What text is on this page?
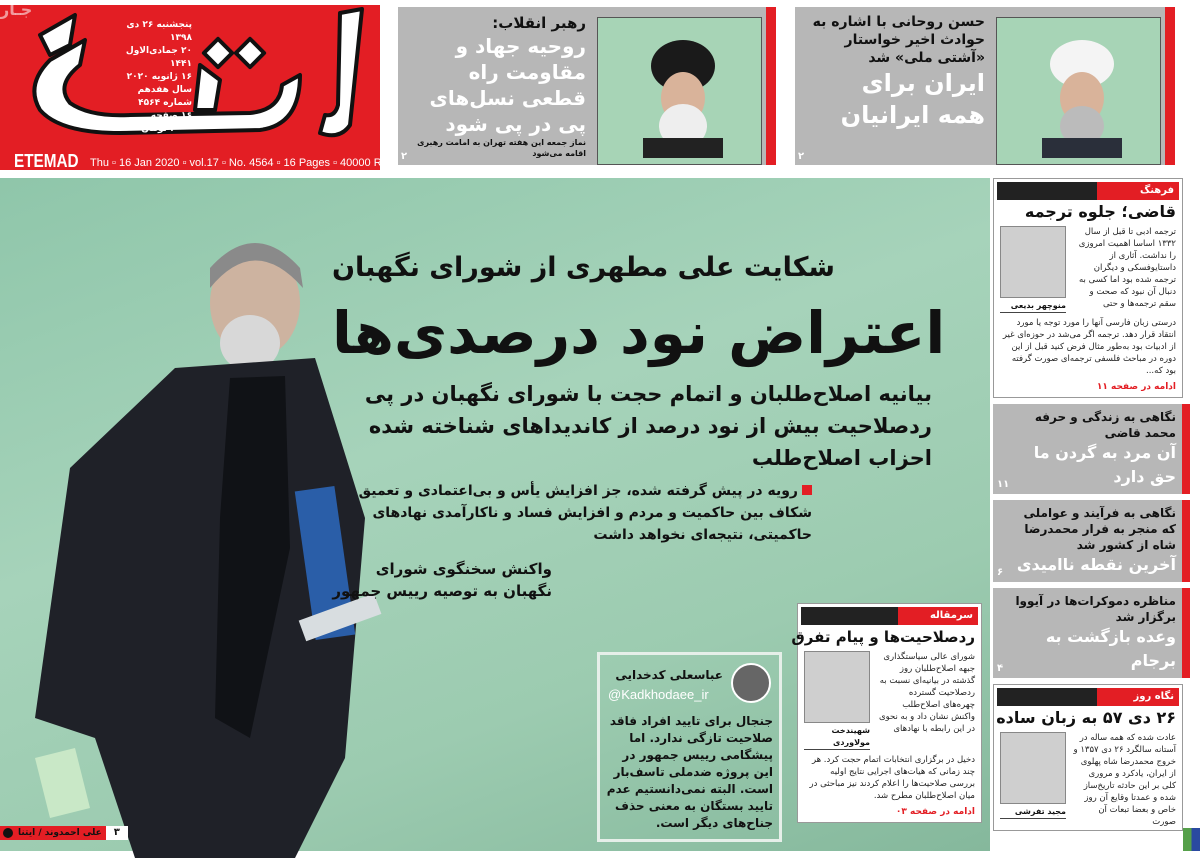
پنجشنبه ۲۶ دی ۱۳۹۸
۲۰ جمادی‌الاول ۱۴۴۱
۱۶ ژانویه ۲۰۲۰
سال هفدهم
شماره ۴۵۶۴
۱۶ صفحه
۴۰۰۰ تومان
ETEMAD Thu ▫ 16 Jan 2020 ▫ vol.17 ▫ No. 4564 ▫ 16 Pages ▫ 40000 Rials
جـار
رهبر انقلاب:
روحیه جهاد و مقاومت راه قطعی نسل‌های پی در پی شود
نماز جمعه این هفته تهران به امامت رهبری اقامه می‌شود
۲
حسن روحانی با اشاره به حوادث اخیر خواستار «آشتی ملی» شد
ایران برای همه ایرانیان
۲
شکایت علی مطهری از شورای نگهبان
اعتراض نود درصدی‌ها
بیانیه اصلاح‌طلبان و اتمام حجت با شورای نگهبان در پی ردصلاحیت بیش از نود درصد از کاندیداهای شناخته شده احزاب اصلاح‌طلب
رویه در پیش گرفته شده، جز افزایش یأس و بی‌اعتمادی و تعمیق شکاف بین حاکمیت و مردم و افزایش فساد و ناکارآمدی نهادهای حاکمیتی، نتیجه‌ای نخواهد داشت
واکنش سخنگوی شورای نگهبان به توصیه رییس جمهور
عباسعلی کدخدایی
@Kadkhodaee_ir
جنجال برای تایید افراد فاقد صلاحیت تازگی ندارد. اما پیشگامی رییس جمهور در این پروژه ضدملی تاسف‌بار است. البته نمی‌دانستیم عدم تایید بستگان به معنی حذف جناح‌های دیگر است.
سرمقاله
ردصلاحیت‌ها و پیام تفرق
شورای عالی سیاستگذاری جبهه اصلاح‌طلبان روز گذشته در بیانیه‌ای نسبت به ردصلاحیت گسترده چهره‌های اصلاح‌طلب واکنش نشان داد و به نحوی در این رابطه با نهادهای
شهیندخت مولاوردی
دخیل در برگزاری انتخابات اتمام حجت کرد. هر چند زمانی که هیات‌های اجرایی نتایج اولیه بررسی صلاحیت‌ها را اعلام کردند نیز مباحثی در میان اصلاح‌طلبان مطرح شد.
ادامه در صفحه ۰۳
علی احمدوند / ایتنا	۳
فرهنگ
قاضی؛ جلوه ترجمه
ترجمه ادبی تا قبل از سال ۱۳۳۲ اساسا اهمیت امروزی را نداشت. آثاری از داستایوفسکی و دیگران ترجمه شده بود اما کسی به دنبال آن نبود که صحت و سقم ترجمه‌ها و حتی
منوچهر بدیعی
درستی زبان فارسی آنها را مورد توجه یا مورد انتقاد قرار دهد. ترجمه اگر می‌شد در حوزه‌ای غیر از ادبیات بود به‌طور مثال فرض کنید قبل از این دوره در مباحث فلسفی ترجمه‌ای صورت گرفته بود که...
ادامه در صفحه ۱۱
نگاهی به زندگی و حرفه محمد قاضی
آن مرد به گردن ما حق دارد
۱۱
نگاهی به فرآیند و عواملی که منجر به فرار محمدرضا شاه از کشور شد
آخرین نقطه ناامیدی
۶
مناظره دموکرات‌ها در آیووا برگزار شد
وعده بازگشت به برجام
۴
نگاه روز
۲۶ دی ۵۷ به زبان ساده
عادت شده که همه ساله در آستانه سالگرد ۲۶ دی ۱۳۵۷ و خروج محمدرضا شاه پهلوی از ایران، یادکرد و مروری کلی بر این حادثه تاریخ‌ساز شده و عمدتا وقایع آن روز خاص و بعضا تبعات آن صورت
مجید تفرشی
